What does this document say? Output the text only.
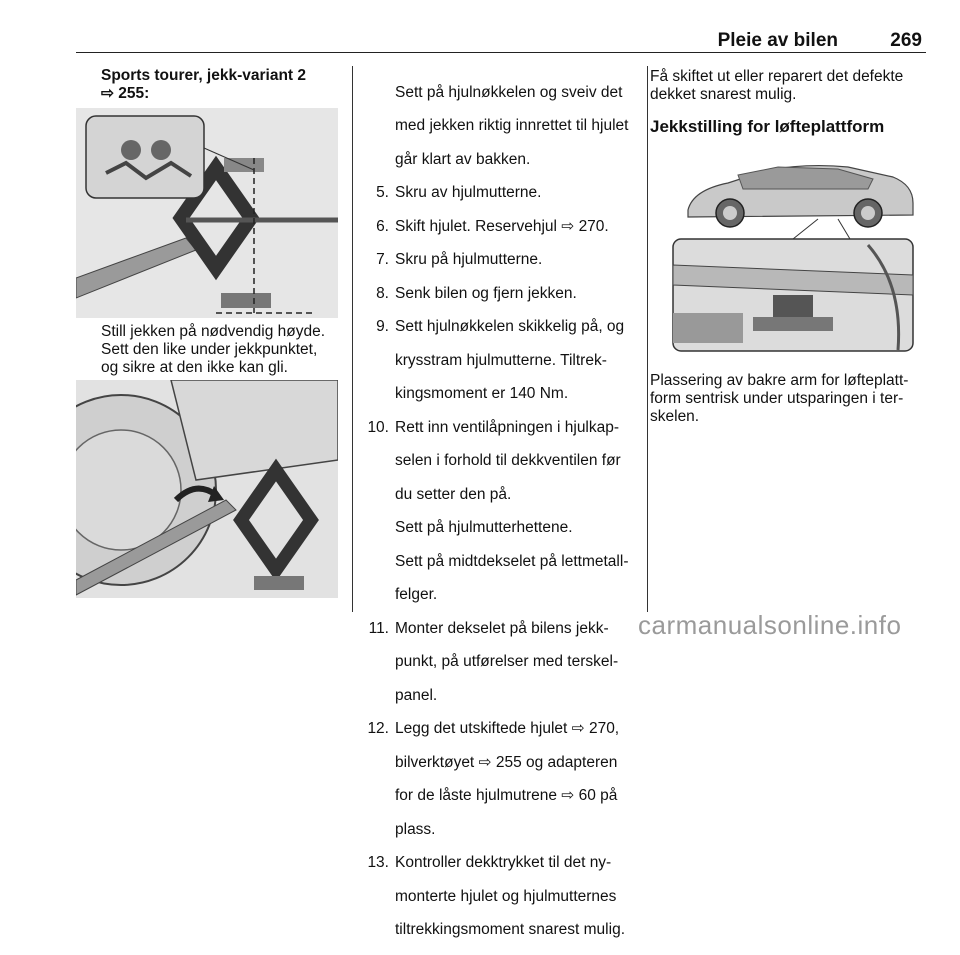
Pleie av bilen	269

Sports tourer, jekk-variant 2

⇨ 255:

Still jekken på nødvendig høyde.

Sett den like under jekkpunktet,

og sikre at den ikke kan gli.

Sett på hjulnøkkelen og sveiv det

med jekken riktig innrettet til hjulet

går klart av bakken.

5. Skru av hjulmutterne.

6. Skift hjulet. Reservehjul ⇨ 270.

7. Skru på hjulmutterne.

8. Senk bilen og fjern jekken.

9. Sett hjulnøkkelen skikkelig på, og

krysstram hjulmutterne. Tiltrek-

kingsmoment er 140 Nm.

10. Rett inn ventilåpningen i hjulkap-

selen i forhold til dekkventilen før

du setter den på.

Sett på hjulmutterhettene.

Sett på midtdekselet på lettmetall-

felger.

11. Monter dekselet på bilens jekk-

punkt, på utførelser med terskel-

panel.

12. Legg det utskiftede hjulet ⇨ 270,

bilverktøyet ⇨ 255 og adapteren

for de låste hjulmutrene ⇨ 60 på

plass.

13. Kontroller dekktrykket til det ny-

monterte hjulet og hjulmutternes

tiltrekkingsmoment snarest mulig.

Få skiftet ut eller reparert det defekte

dekket snarest mulig.

Jekkstilling for løfteplattform

Plassering av bakre arm for løfteplatt-

form sentrisk under utsparingen i ter-

skelen.

carmanualsonline.info
